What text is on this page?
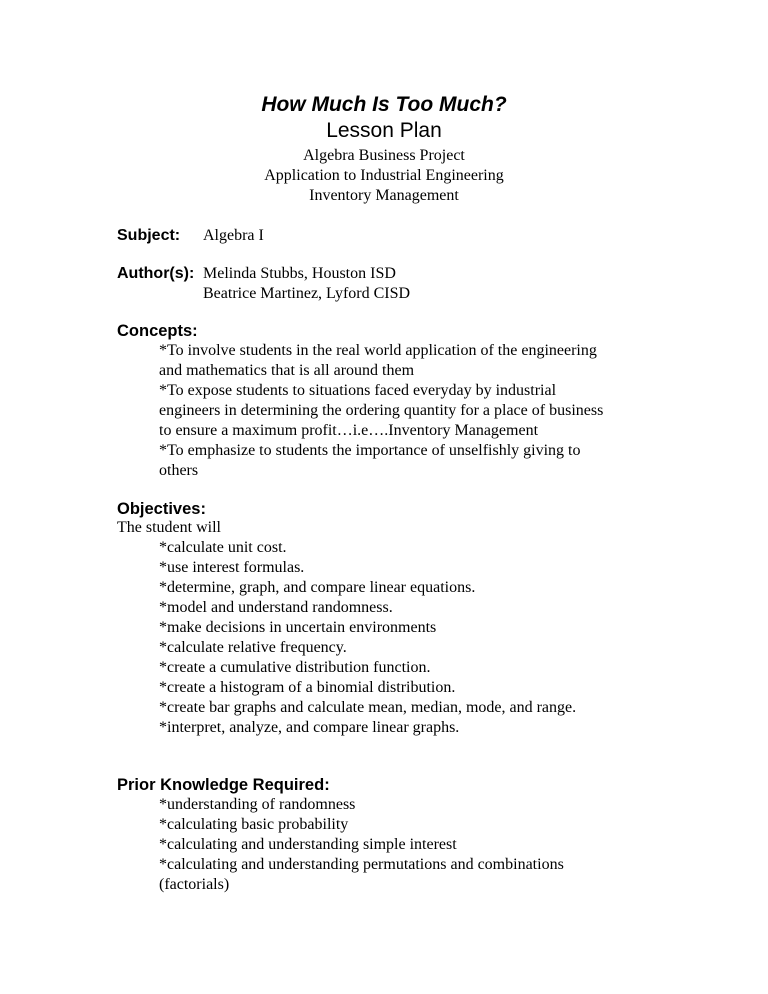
How Much Is Too Much?
Lesson Plan
Algebra Business Project
Application to Industrial Engineering
Inventory Management
Subject: Algebra I
Author(s): Melinda Stubbs, Houston ISD
Beatrice Martinez, Lyford CISD
Concepts:
*To involve students in the real world application of the engineering
and mathematics that is all around them
*To expose students to situations faced everyday by industrial
engineers in determining the ordering quantity for a place of business
to ensure a maximum profit…i.e….Inventory Management
*To emphasize to students the importance of unselfishly giving to
others
Objectives:
The student will
*calculate unit cost.
*use interest formulas.
*determine, graph, and compare linear equations.
*model and understand randomness.
*make decisions in uncertain environments
*calculate relative frequency.
*create a cumulative distribution function.
*create a histogram of a binomial distribution.
*create bar graphs and calculate mean, median, mode, and range.
*interpret, analyze, and compare linear graphs.
Prior Knowledge Required:
*understanding of randomness
*calculating basic probability
*calculating and understanding simple interest
*calculating and understanding permutations and combinations
(factorials)
